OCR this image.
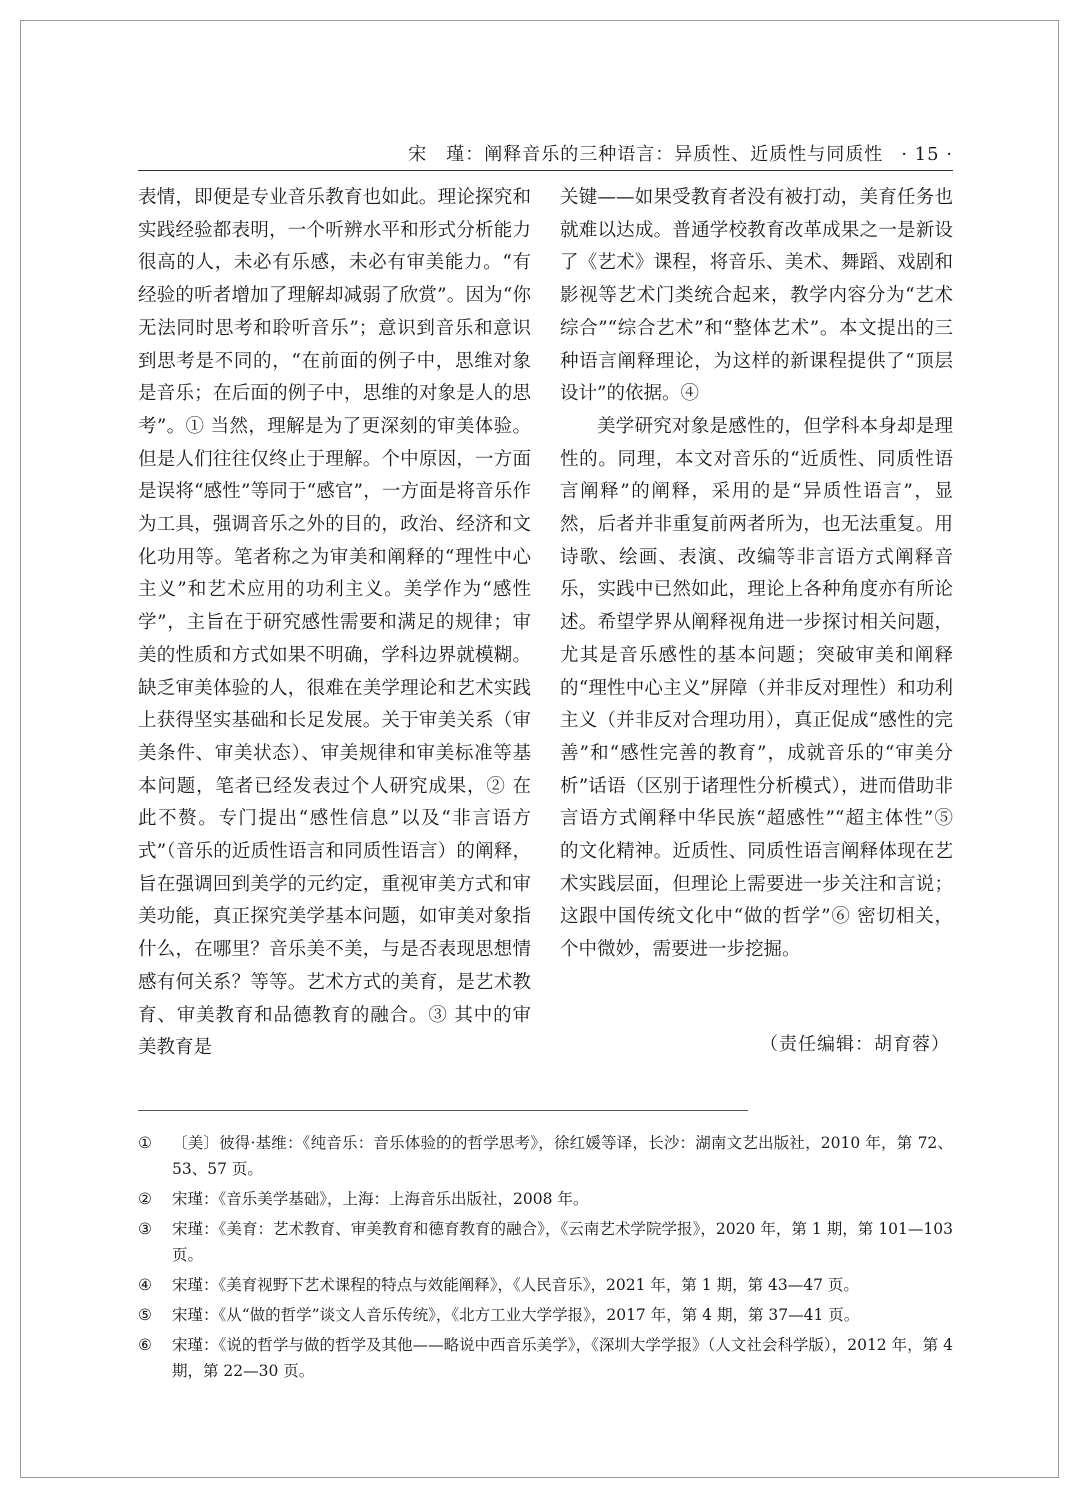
宋　瑾：阐释音乐的三种语言：异质性、近质性与同质性 · 15 ·

表情，即便是专业音乐教育也如此。理论探究和实践经验都表明，一个听辨水平和形式分析能力很高的人，未必有乐感，未必有审美能力。“有经验的听者增加了理解却减弱了欣赏”。因为“你无法同时思考和聆听音乐”；意识到音乐和意识到思考是不同的，“在前面的例子中，思维对象是音乐；在后面的例子中，思维的对象是人的思考”。① 当然，理解是为了更深刻的审美体验。但是人们往往仅终止于理解。个中原因，一方面是误将“感性”等同于“感官”，一方面是将音乐作为工具，强调音乐之外的目的，政治、经济和文化功用等。笔者称之为审美和阐释的“理性中心主义”和艺术应用的功利主义。美学作为“感性学”，主旨在于研究感性需要和满足的规律；审美的性质和方式如果不明确，学科边界就模糊。缺乏审美体验的人，很难在美学理论和艺术实践上获得坚实基础和长足发展。关于审美关系（审美条件、审美状态）、审美规律和审美标准等基本问题，笔者已经发表过个人研究成果，② 在此不赘。专门提出“感性信息”以及“非言语方式”（音乐的近质性语言和同质性语言）的阐释，旨在强调回到美学的元约定，重视审美方式和审美功能，真正探究美学基本问题，如审美对象指什么，在哪里？音乐美不美，与是否表现思想情感有何关系？等等。艺术方式的美育，是艺术教育、审美教育和品德教育的融合。③ 其中的审美教育是

关键——如果受教育者没有被打动，美育任务也就难以达成。普通学校教育改革成果之一是新设了《艺术》课程，将音乐、美术、舞蹈、戏剧和影视等艺术门类统合起来，教学内容分为“艺术综合”“综合艺术”和“整体艺术”。本文提出的三种语言阐释理论，为这样的新课程提供了“顶层设计”的依据。④

美学研究对象是感性的，但学科本身却是理性的。同理，本文对音乐的“近质性、同质性语言阐释”的阐释，采用的是“异质性语言”，显然，后者并非重复前两者所为，也无法重复。用诗歌、绘画、表演、改编等非言语方式阐释音乐，实践中已然如此，理论上各种角度亦有所论述。希望学界从阐释视角进一步探讨相关问题，尤其是音乐感性的基本问题；突破审美和阐释的“理性中心主义”屏障（并非反对理性）和功利主义（并非反对合理功用），真正促成“感性的完善”和“感性完善的教育”，成就音乐的“审美分析”话语（区别于诸理性分析模式），进而借助非言语方式阐释中华民族“超感性”“超主体性”⑤ 的文化精神。近质性、同质性语言阐释体现在艺术实践层面，但理论上需要进一步关注和言说；这跟中国传统文化中“做的哲学”⑥ 密切相关，个中微妙，需要进一步挖掘。

（责任编辑：胡育蓉）
①	〔美〕彼得·基维：《纯音乐：音乐体验的的哲学思考》，徐红媛等译，长沙：湖南文艺出版社，2010 年，第 72、53、57 页。
②	宋瑾：《音乐美学基础》，上海：上海音乐出版社，2008 年。
③	宋瑾：《美育：艺术教育、审美教育和德育教育的融合》，《云南艺术学院学报》，2020 年，第 1 期，第 101—103 页。
④	宋瑾：《美育视野下艺术课程的特点与效能阐释》，《人民音乐》，2021 年，第 1 期，第 43—47 页。
⑤	宋瑾：《从“做的哲学”谈文人音乐传统》，《北方工业大学学报》，2017 年，第 4 期，第 37—41 页。
⑥	宋瑾：《说的哲学与做的哲学及其他——略说中西音乐美学》，《深圳大学学报》（人文社会科学版），2012 年，第 4 期，第 22—30 页。
